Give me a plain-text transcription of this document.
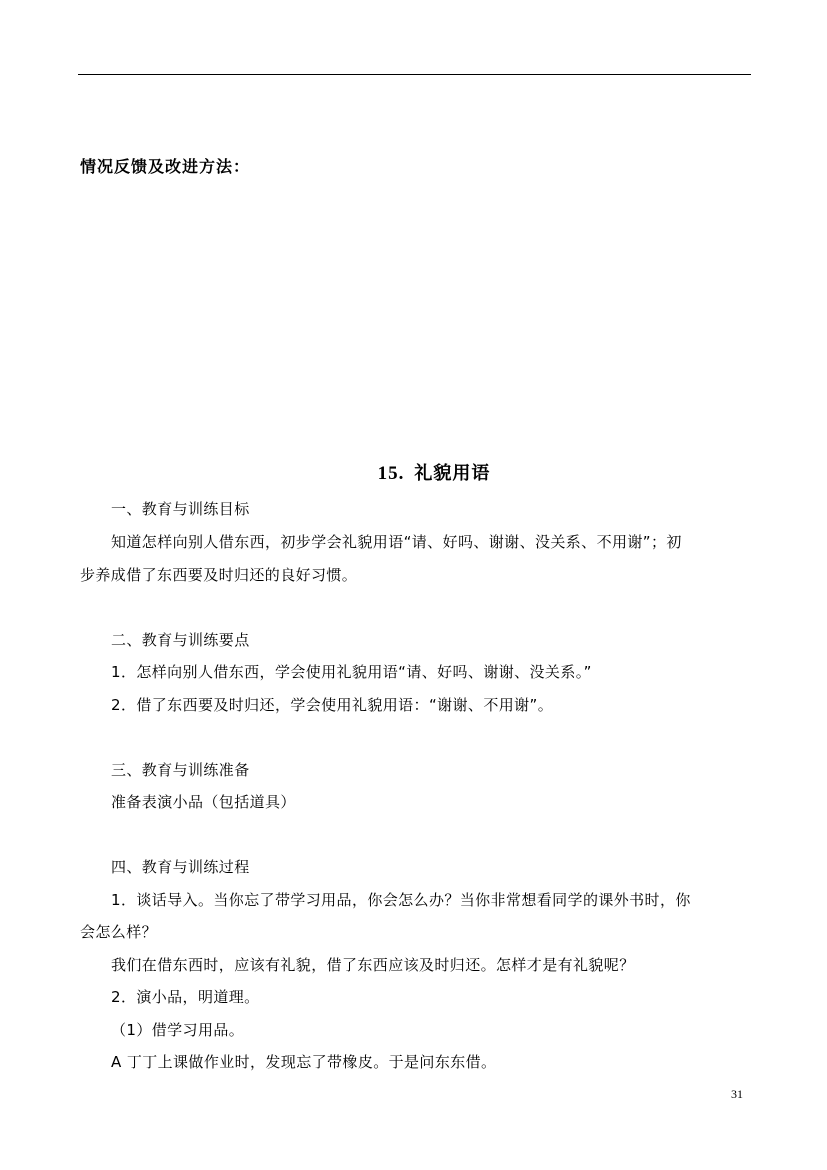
情况反馈及改进方法：
15. 礼貌用语
一、教育与训练目标
知道怎样向别人借东西，初步学会礼貌用语“请、好吗、谢谢、没关系、不用谢”；初
步养成借了东西要及时归还的良好习惯。
二、教育与训练要点
1．怎样向别人借东西，学会使用礼貌用语“请、好吗、谢谢、没关系。”
2．借了东西要及时归还，学会使用礼貌用语：“谢谢、不用谢”。
三、教育与训练准备
准备表演小品（包括道具）
四、教育与训练过程
1．谈话导入。当你忘了带学习用品，你会怎么办？当你非常想看同学的课外书时，你
会怎么样？
我们在借东西时，应该有礼貌，借了东西应该及时归还。怎样才是有礼貌呢？
2．演小品，明道理。
（1）借学习用品。
A 丁丁上课做作业时，发现忘了带橡皮。于是问东东借。
31
